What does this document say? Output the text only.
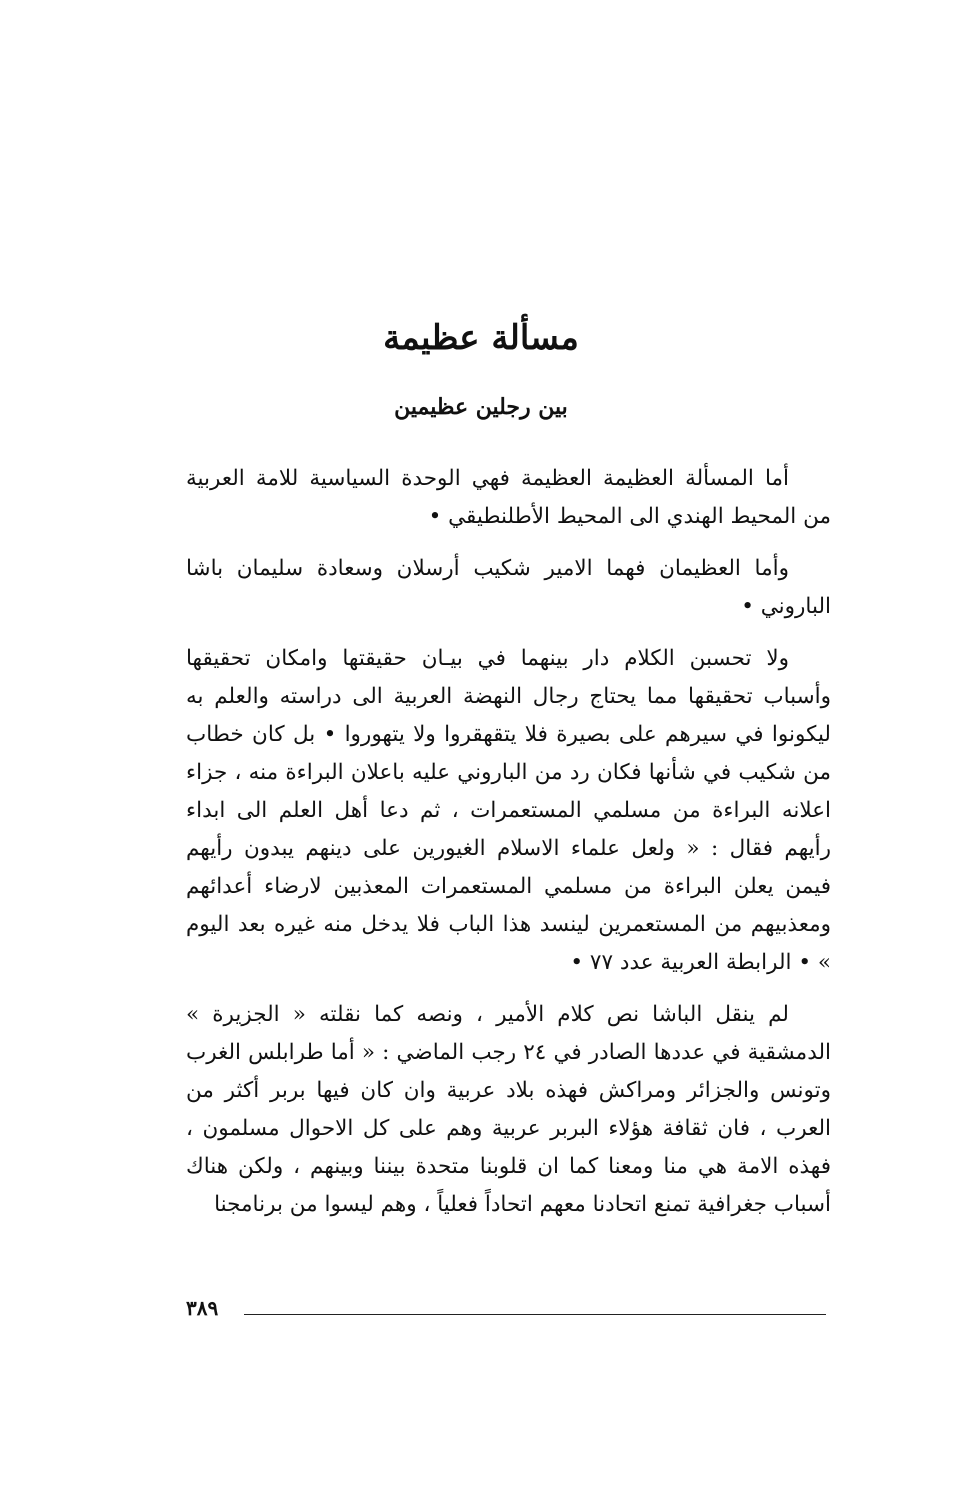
مسألة عظيمة
بين رجلين عظيمين

أما المسألة العظيمة العظيمة فهي الوحدة السياسية للامة العربية من المحيط الهندي الى المحيط الأطلنطيقي •

وأما العظيمان فهما الامير شكيب أرسلان وسعادة سليمان باشا الباروني •

ولا تحسبن الكلام دار بينهما في بيـان حقيقتها وامكان تحقيقها وأسباب تحقيقها مما يحتاج رجال النهضة العربية الى دراسته والعلم به ليكونوا في سيرهم على بصيرة فلا يتقهقروا ولا يتهوروا • بل كان خطاب من شكيب في شأنها فكان رد من الباروني عليه باعلان البراءة منه ، جزاء اعلانه البراءة من مسلمي المستعمرات ، ثم دعا أهل العلم الى ابداء رأيهم فقال : « ولعل علماء الاسلام الغيورين على دينهم يبدون رأيهم فيمن يعلن البراءة من مسلمي المستعمرات المعذبين لارضاء أعدائهم ومعذبيهم من المستعمرين لينسد هذا الباب فلا يدخل منه غيره بعد اليوم » • الرابطة العربية عدد ٧٧ •

لم ينقل الباشا نص كلام الأمير ، ونصه كما نقلته « الجزيرة » الدمشقية في عددها الصادر في ٢٤ رجب الماضي : « أما طرابلس الغرب وتونس والجزائر ومراكش فهذه بلاد عربية وان كان فيها بربر أكثر من العرب ، فان ثقافة هؤلاء البربر عربية وهم على كل الاحوال مسلمون ، فهذه الامة هي منا ومعنا كما ان قلوبنا متحدة بيننا وبينهم ، ولكن هناك أسباب جغرافية تمنع اتحادنا معهم اتحاداً فعلياً ، وهم ليسوا من برنامجنا

٣٨٩
